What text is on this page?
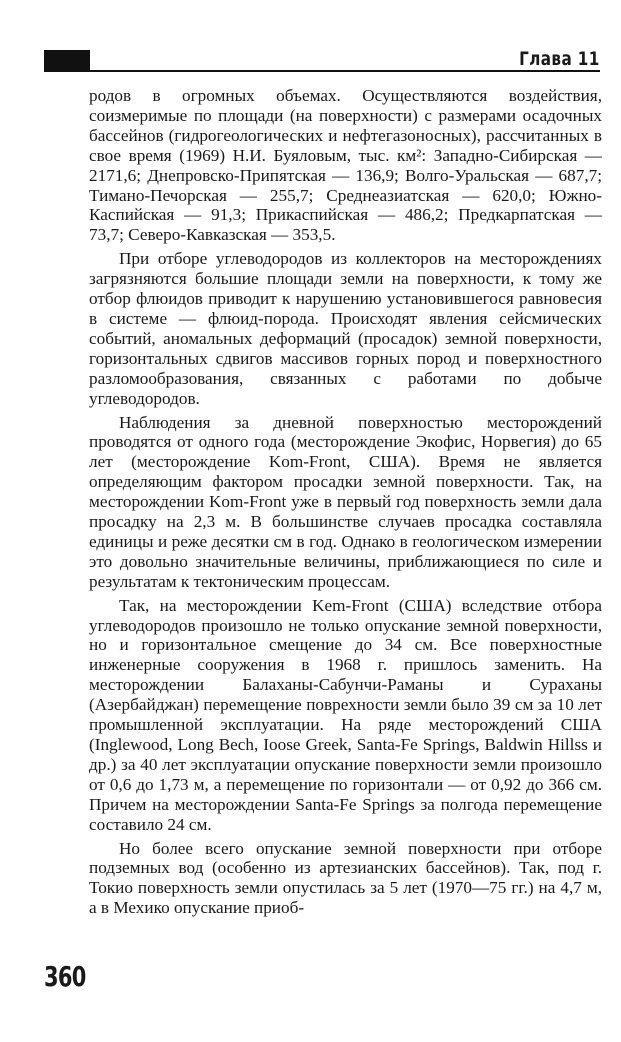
Глава 11

родов в огромных объемах. Осуществляются воздействия, соизмеримые по площади (на поверхности) с размерами осадочных бассейнов (гидрогеологических и нефтегазоносных), рассчитанных в свое время (1969) Н.И. Буяловым, тыс. км²: Западно-Сибирская — 2171,6; Днепровско-Припятская — 136,9; Волго-Уральская — 687,7; Тимано-Печорская — 255,7; Среднеазиатская — 620,0; Южно-Каспийская — 91,3; Прикаспийская — 486,2; Предкарпатская — 73,7; Северо-Кавказская — 353,5.

При отборе углеводородов из коллекторов на месторождениях загрязняются большие площади земли на поверхности, к тому же отбор флюидов приводит к нарушению установившегося равновесия в системе — флюид-порода. Происходят явления сейсмических событий, аномальных деформаций (просадок) земной поверхности, горизонтальных сдвигов массивов горных пород и поверхностного разломообразования, связанных с работами по добыче углеводородов.

Наблюдения за дневной поверхностью месторождений проводятся от одного года (месторождение Экофис, Норвегия) до 65 лет (месторождение Kom-Front, США). Время не является определяющим фактором просадки земной поверхности. Так, на месторождении Kom-Front уже в первый год поверхность земли дала просадку на 2,3 м. В большинстве случаев просадка составляла единицы и реже десятки см в год. Однако в геологическом измерении это довольно значительные величины, приближающиеся по силе и результатам к тектоническим процессам.

Так, на месторождении Kem-Front (США) вследствие отбора углеводородов произошло не только опускание земной поверхности, но и горизонтальное смещение до 34 см. Все поверхностные инженерные сооружения в 1968 г. пришлось заменить. На месторождении Балаханы-Сабунчи-Раманы и Сураханы (Азербайджан) перемещение поврехности земли было 39 см за 10 лет промышленной эксплуатации. На ряде месторождений США (Inglewood, Long Bech, Ioose Greek, Santa-Fe Springs, Baldwin Hillss и др.) за 40 лет эксплуатации опускание поверхности земли произошло от 0,6 до 1,73 м, а перемещение по горизонтали — от 0,92 до 366 см. Причем на месторождении Santa-Fe Springs за полгода перемещение составило 24 см.

Но более всего опускание земной поверхности при отборе подземных вод (особенно из артезианских бассейнов). Так, под г. Токио поверхность земли опустилась за 5 лет (1970—75 гг.) на 4,7 м, а в Мехико опускание приоб-

360
